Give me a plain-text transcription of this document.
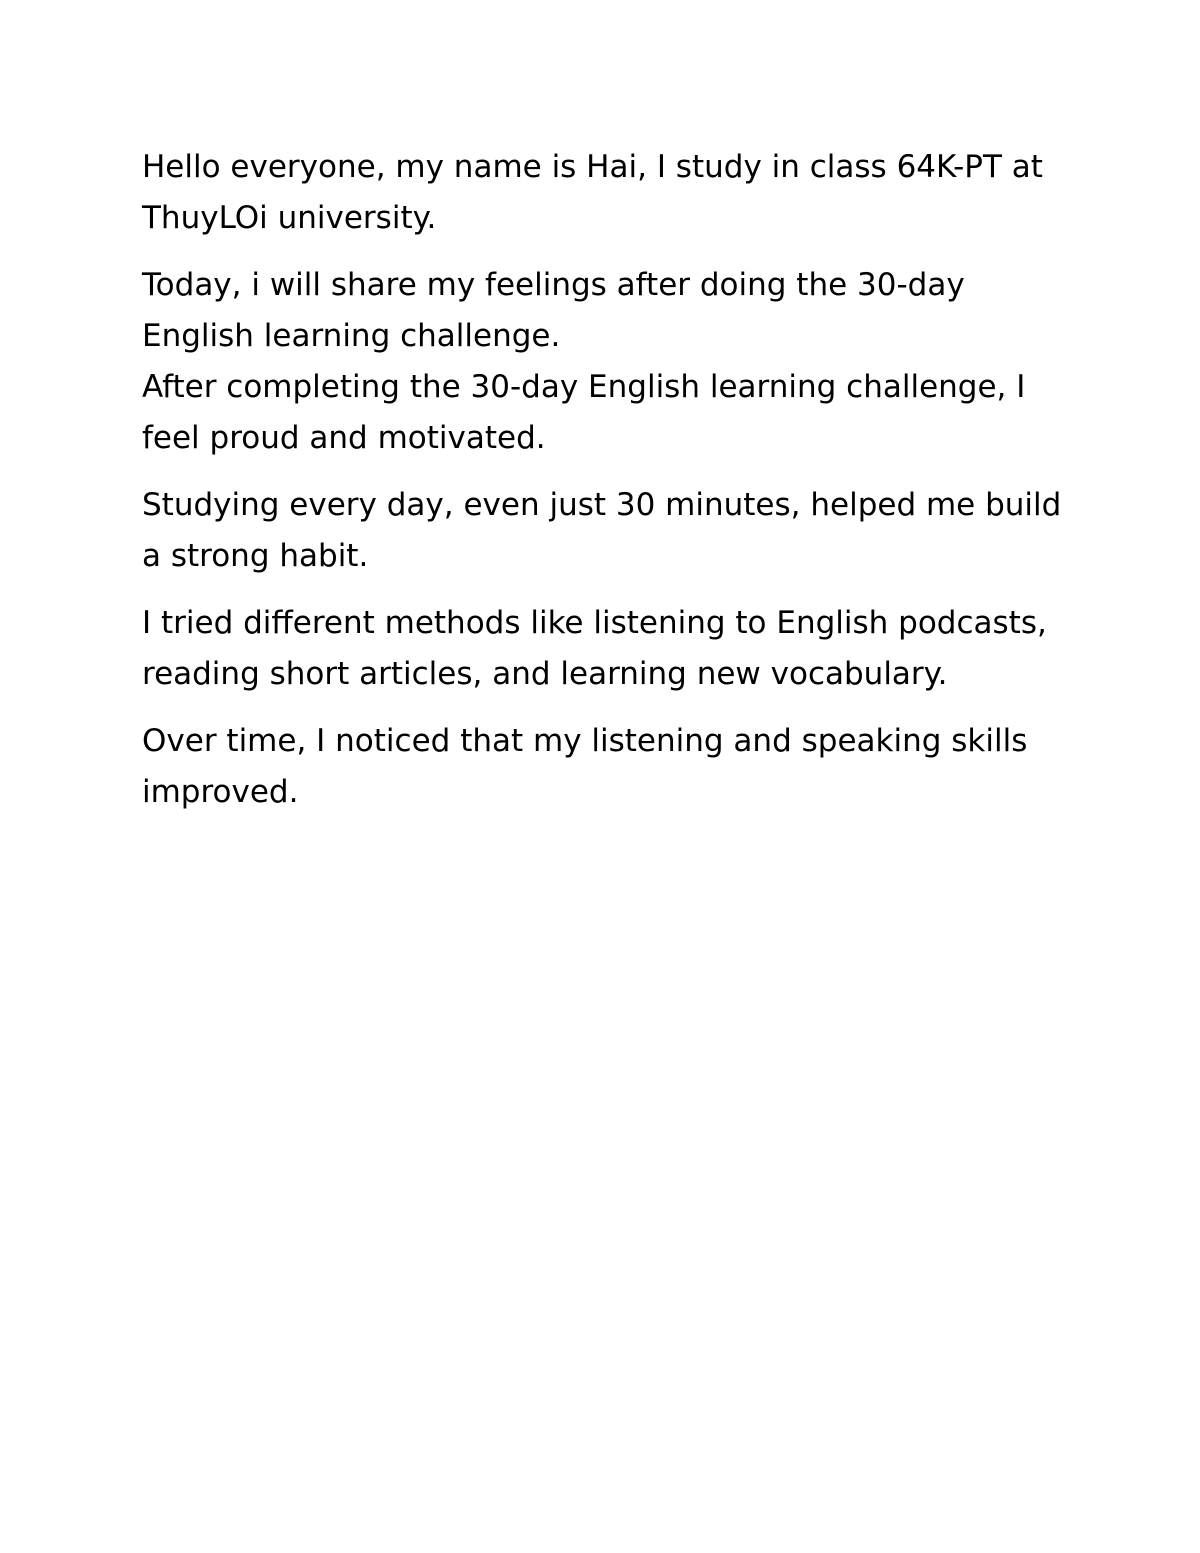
Hello everyone, my name is Hai, I study in class 64K-PT at ThuyLOi university.

Today, i will share my feelings after doing the 30-day English learning challenge.

After completing the 30-day English learning challenge, I feel proud and motivated.

Studying every day, even just 30 minutes, helped me build a strong habit.

I tried different methods like listening to English podcasts, reading short articles, and learning new vocabulary.

Over time, I noticed that my listening and speaking skills improved.
